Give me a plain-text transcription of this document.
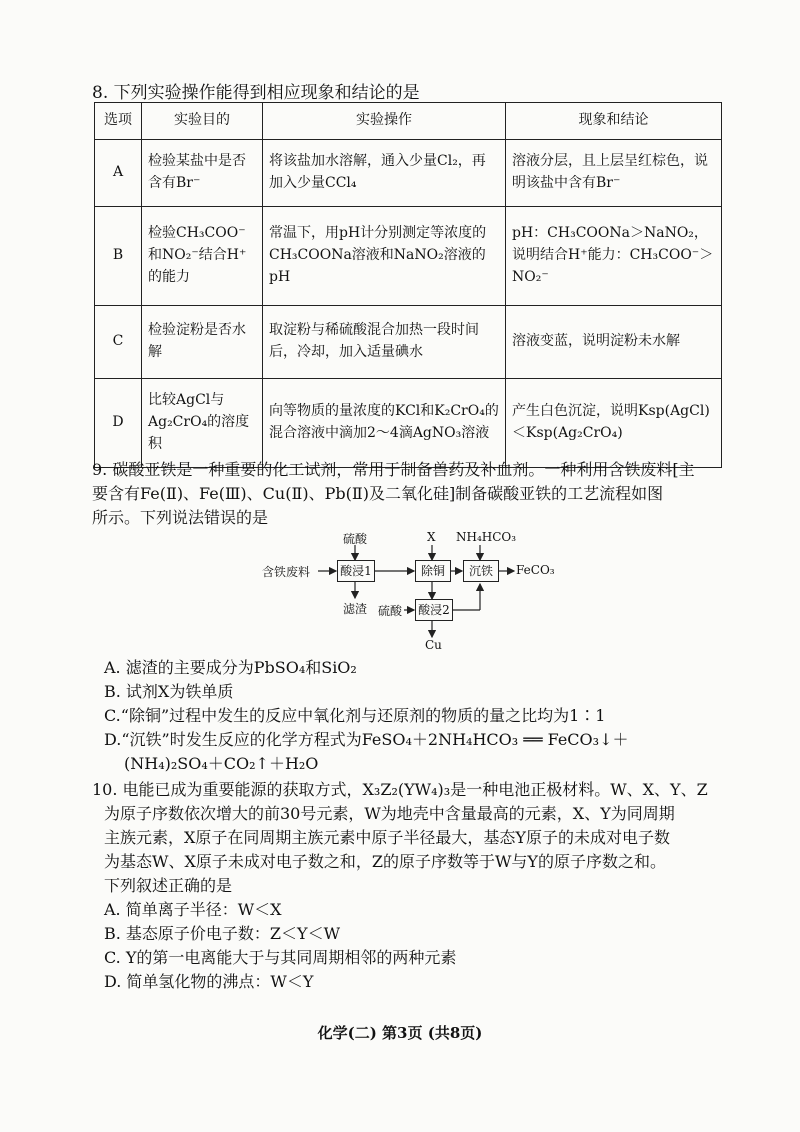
8. 下列实验操作能得到相应现象和结论的是
选项	实验目的	实验操作	现象和结论
A	检验某盐中是否含有Br⁻	将该盐加水溶解，通入少量Cl₂，再加入少量CCl₄	溶液分层，且上层呈红棕色，说明该盐中含有Br⁻
B	检验CH₃COO⁻和NO₂⁻结合H⁺的能力	常温下，用pH计分别测定等浓度的CH₃COONa溶液和NaNO₂溶液的pH	pH：CH₃COONa＞NaNO₂，说明结合H⁺能力：CH₃COO⁻＞NO₂⁻
C	检验淀粉是否水解	取淀粉与稀硫酸混合加热一段时间后，冷却，加入适量碘水	溶液变蓝，说明淀粉未水解
D	比较AgCl与Ag₂CrO₄的溶度积	向等物质的量浓度的KCl和K₂CrO₄的混合溶液中滴加2～4滴AgNO₃溶液	产生白色沉淀，说明Ksp(AgCl)＜Ksp(Ag₂CrO₄)
9. 碳酸亚铁是一种重要的化工试剂，常用于制备兽药及补血剂。一种利用含铁废料[主
要含有Fe(Ⅱ)、Fe(Ⅲ)、Cu(Ⅱ)、Pb(Ⅱ)及二氧化硅]制备碳酸亚铁的工艺流程如图
所示。下列说法错误的是
含铁废料
硫酸
酸浸1
滤渣
X
除铜
NH₄HCO₃
沉铁	FeCO₃
硫酸 酸浸2
Cu
A. 滤渣的主要成分为PbSO₄和SiO₂
B. 试剂X为铁单质
C.“除铜”过程中发生的反应中氧化剂与还原剂的物质的量之比均为1∶1
D.“沉铁”时发生反应的化学方程式为FeSO₄＋2NH₄HCO₃ ══ FeCO₃↓＋
(NH₄)₂SO₄＋CO₂↑＋H₂O
10. 电能已成为重要能源的获取方式，X₃Z₂(YW₄)₃是一种电池正极材料。W、X、Y、Z
为原子序数依次增大的前30号元素，W为地壳中含量最高的元素，X、Y为同周期
主族元素，X原子在同周期主族元素中原子半径最大，基态Y原子的未成对电子数
为基态W、X原子未成对电子数之和，Z的原子序数等于W与Y的原子序数之和。
下列叙述正确的是
A. 简单离子半径：W＜X
B. 基态原子价电子数：Z＜Y＜W
C. Y的第一电离能大于与其同周期相邻的两种元素
D. 简单氢化物的沸点：W＜Y
化学(二) 第3页 (共8页)
